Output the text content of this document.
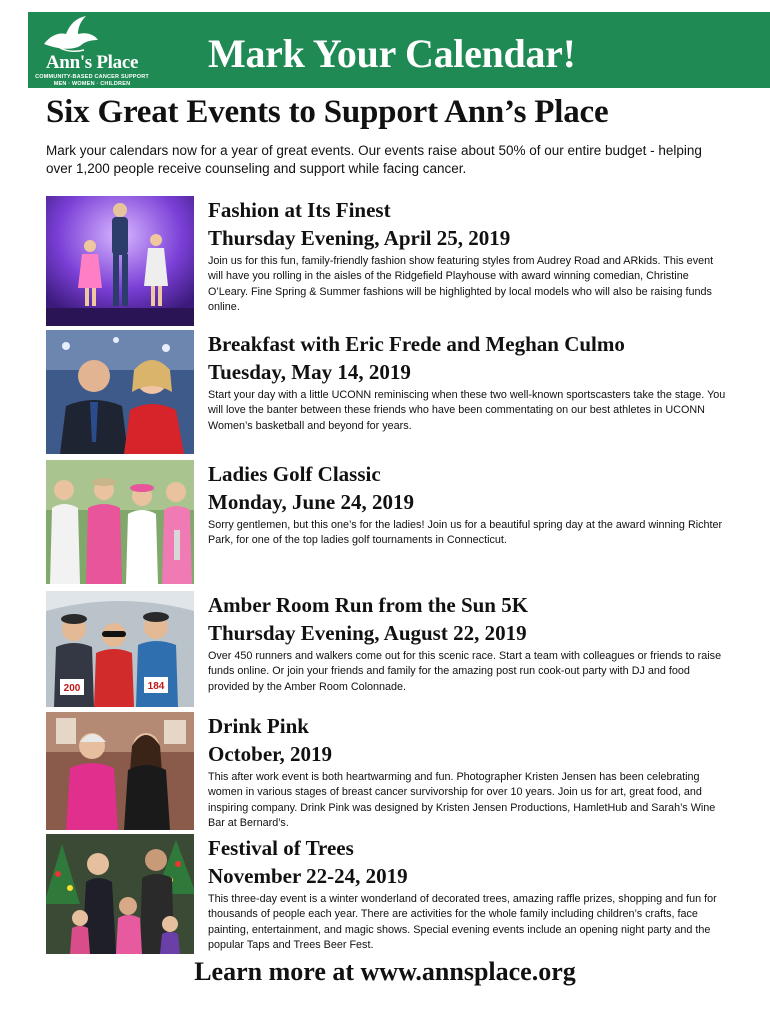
Ann's Place
COMMUNITY-BASED CANCER SUPPORT
MEN · WOMEN · CHILDREN
Mark Your Calendar!
Six Great Events to Support Ann’s Place
Mark your calendars now for a year of great events. Our events raise about 50% of our entire budget - helping over 1,200 people receive counseling and support while facing cancer.
Fashion at Its Finest
Thursday Evening, April 25, 2019
Join us for this fun, family-friendly fashion show featuring styles from Audrey Road and ARkids. This event will have you rolling in the aisles of the Ridgefield Playhouse with award winning comedian, Christine O’Leary. Fine Spring & Summer fashions will be highlighted by local models who will also be raising funds online.
Breakfast with Eric Frede and Meghan Culmo
Tuesday, May 14, 2019
Start your day with a little UCONN reminiscing when these two well-known sportscasters take the stage. You will love the banter between these friends who have been commentating on our best athletes in UCONN Women’s basketball and beyond for years.
Ladies Golf Classic
Monday, June 24, 2019
Sorry gentlemen, but this one’s for the ladies! Join us for a beautiful spring day at the award winning Richter Park, for one of the top ladies golf tournaments in Connecticut.
200	184
Amber Room Run from the Sun 5K
Thursday Evening, August 22, 2019
Over 450 runners and walkers come out for this scenic race. Start a team with colleagues or friends to raise funds online. Or join your friends and family for the amazing post run cook-out party with DJ and food provided by the Amber Room Colonnade.
Drink Pink
October, 2019
This after work event is both heartwarming and fun. Photographer Kristen Jensen has been celebrating women in various stages of breast cancer survivorship for over 10 years. Join us for art, great food, and inspiring company. Drink Pink was designed by Kristen Jensen Productions, HamletHub and Sarah’s Wine Bar at Bernard’s.
Festival of Trees
November 22-24, 2019
This three-day event is a winter wonderland of decorated trees, amazing raffle prizes, shopping and fun for thousands of people each year. There are activities for the whole family including children’s crafts, face painting, entertainment, and magic shows. Special evening events include an opening night party and the popular Taps and Trees Beer Fest.
Learn more at www.annsplace.org
